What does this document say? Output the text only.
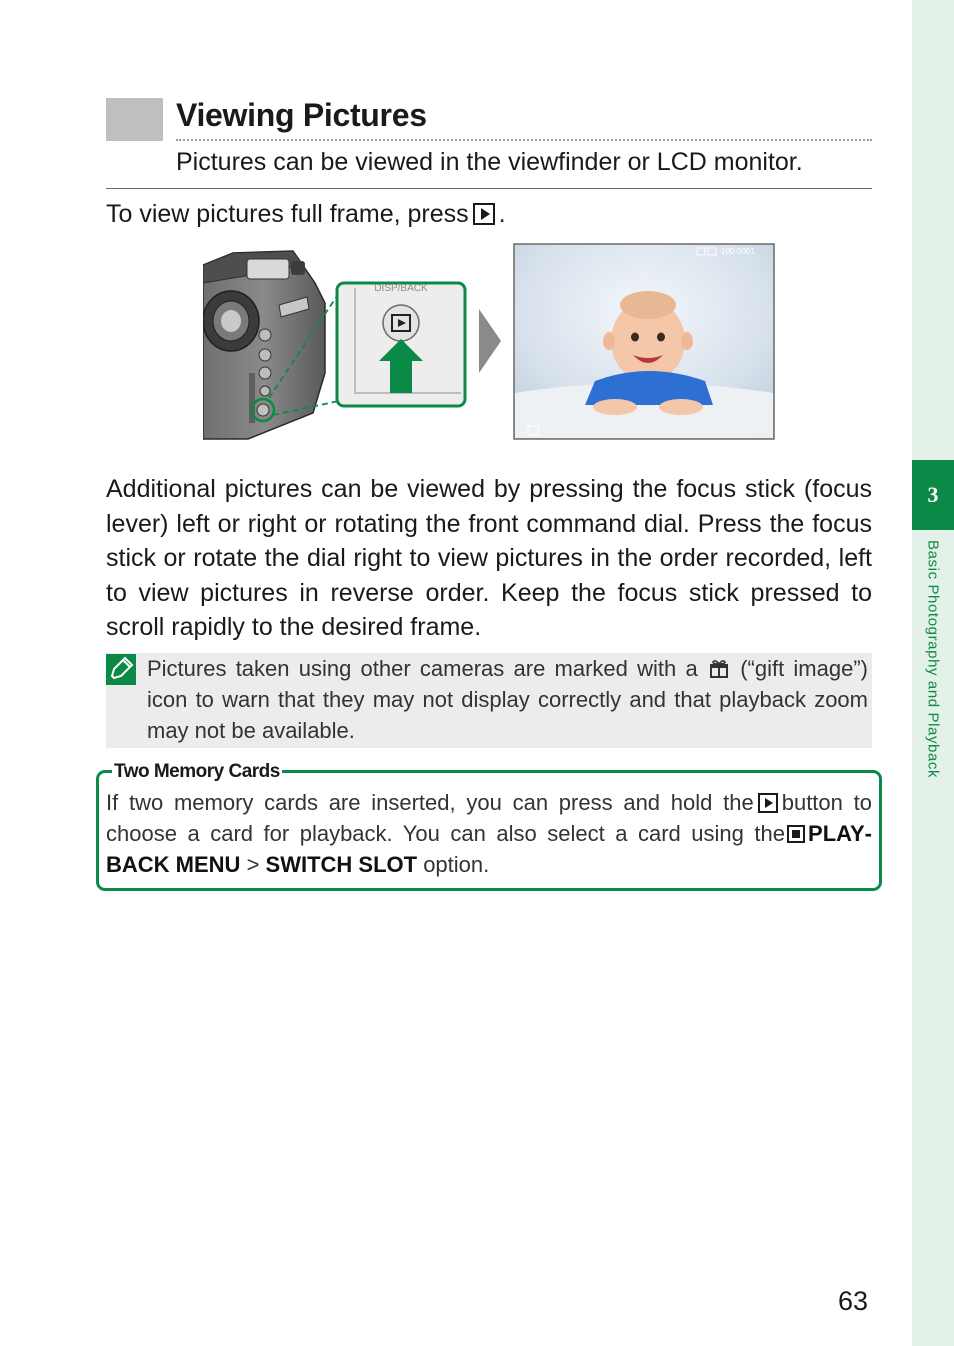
3
Basic Photography and Playback
Viewing Pictures

Pictures can be viewed in the viewfinder or LCD monitor.

To view pictures full frame, press .

DISP/BACK
100-0001

Additional pictures can be viewed by pressing the focus stick (focus lever) left or right or rotating the front command dial. Press the focus stick or rotate the dial right to view pictures in the order recorded, left to view pictures in reverse order. Keep the focus stick pressed to scroll rapidly to the desired frame.

Pictures taken using other cameras are marked with a (“gift image”) icon to warn that they may not display correctly and that playback zoom may not be available.

Two Memory Cards

If two memory cards are inserted, you can press and hold the button to choose a card for playback. You can also select a card using the PLAYBACK MENU > SWITCH SLOT option.

63
